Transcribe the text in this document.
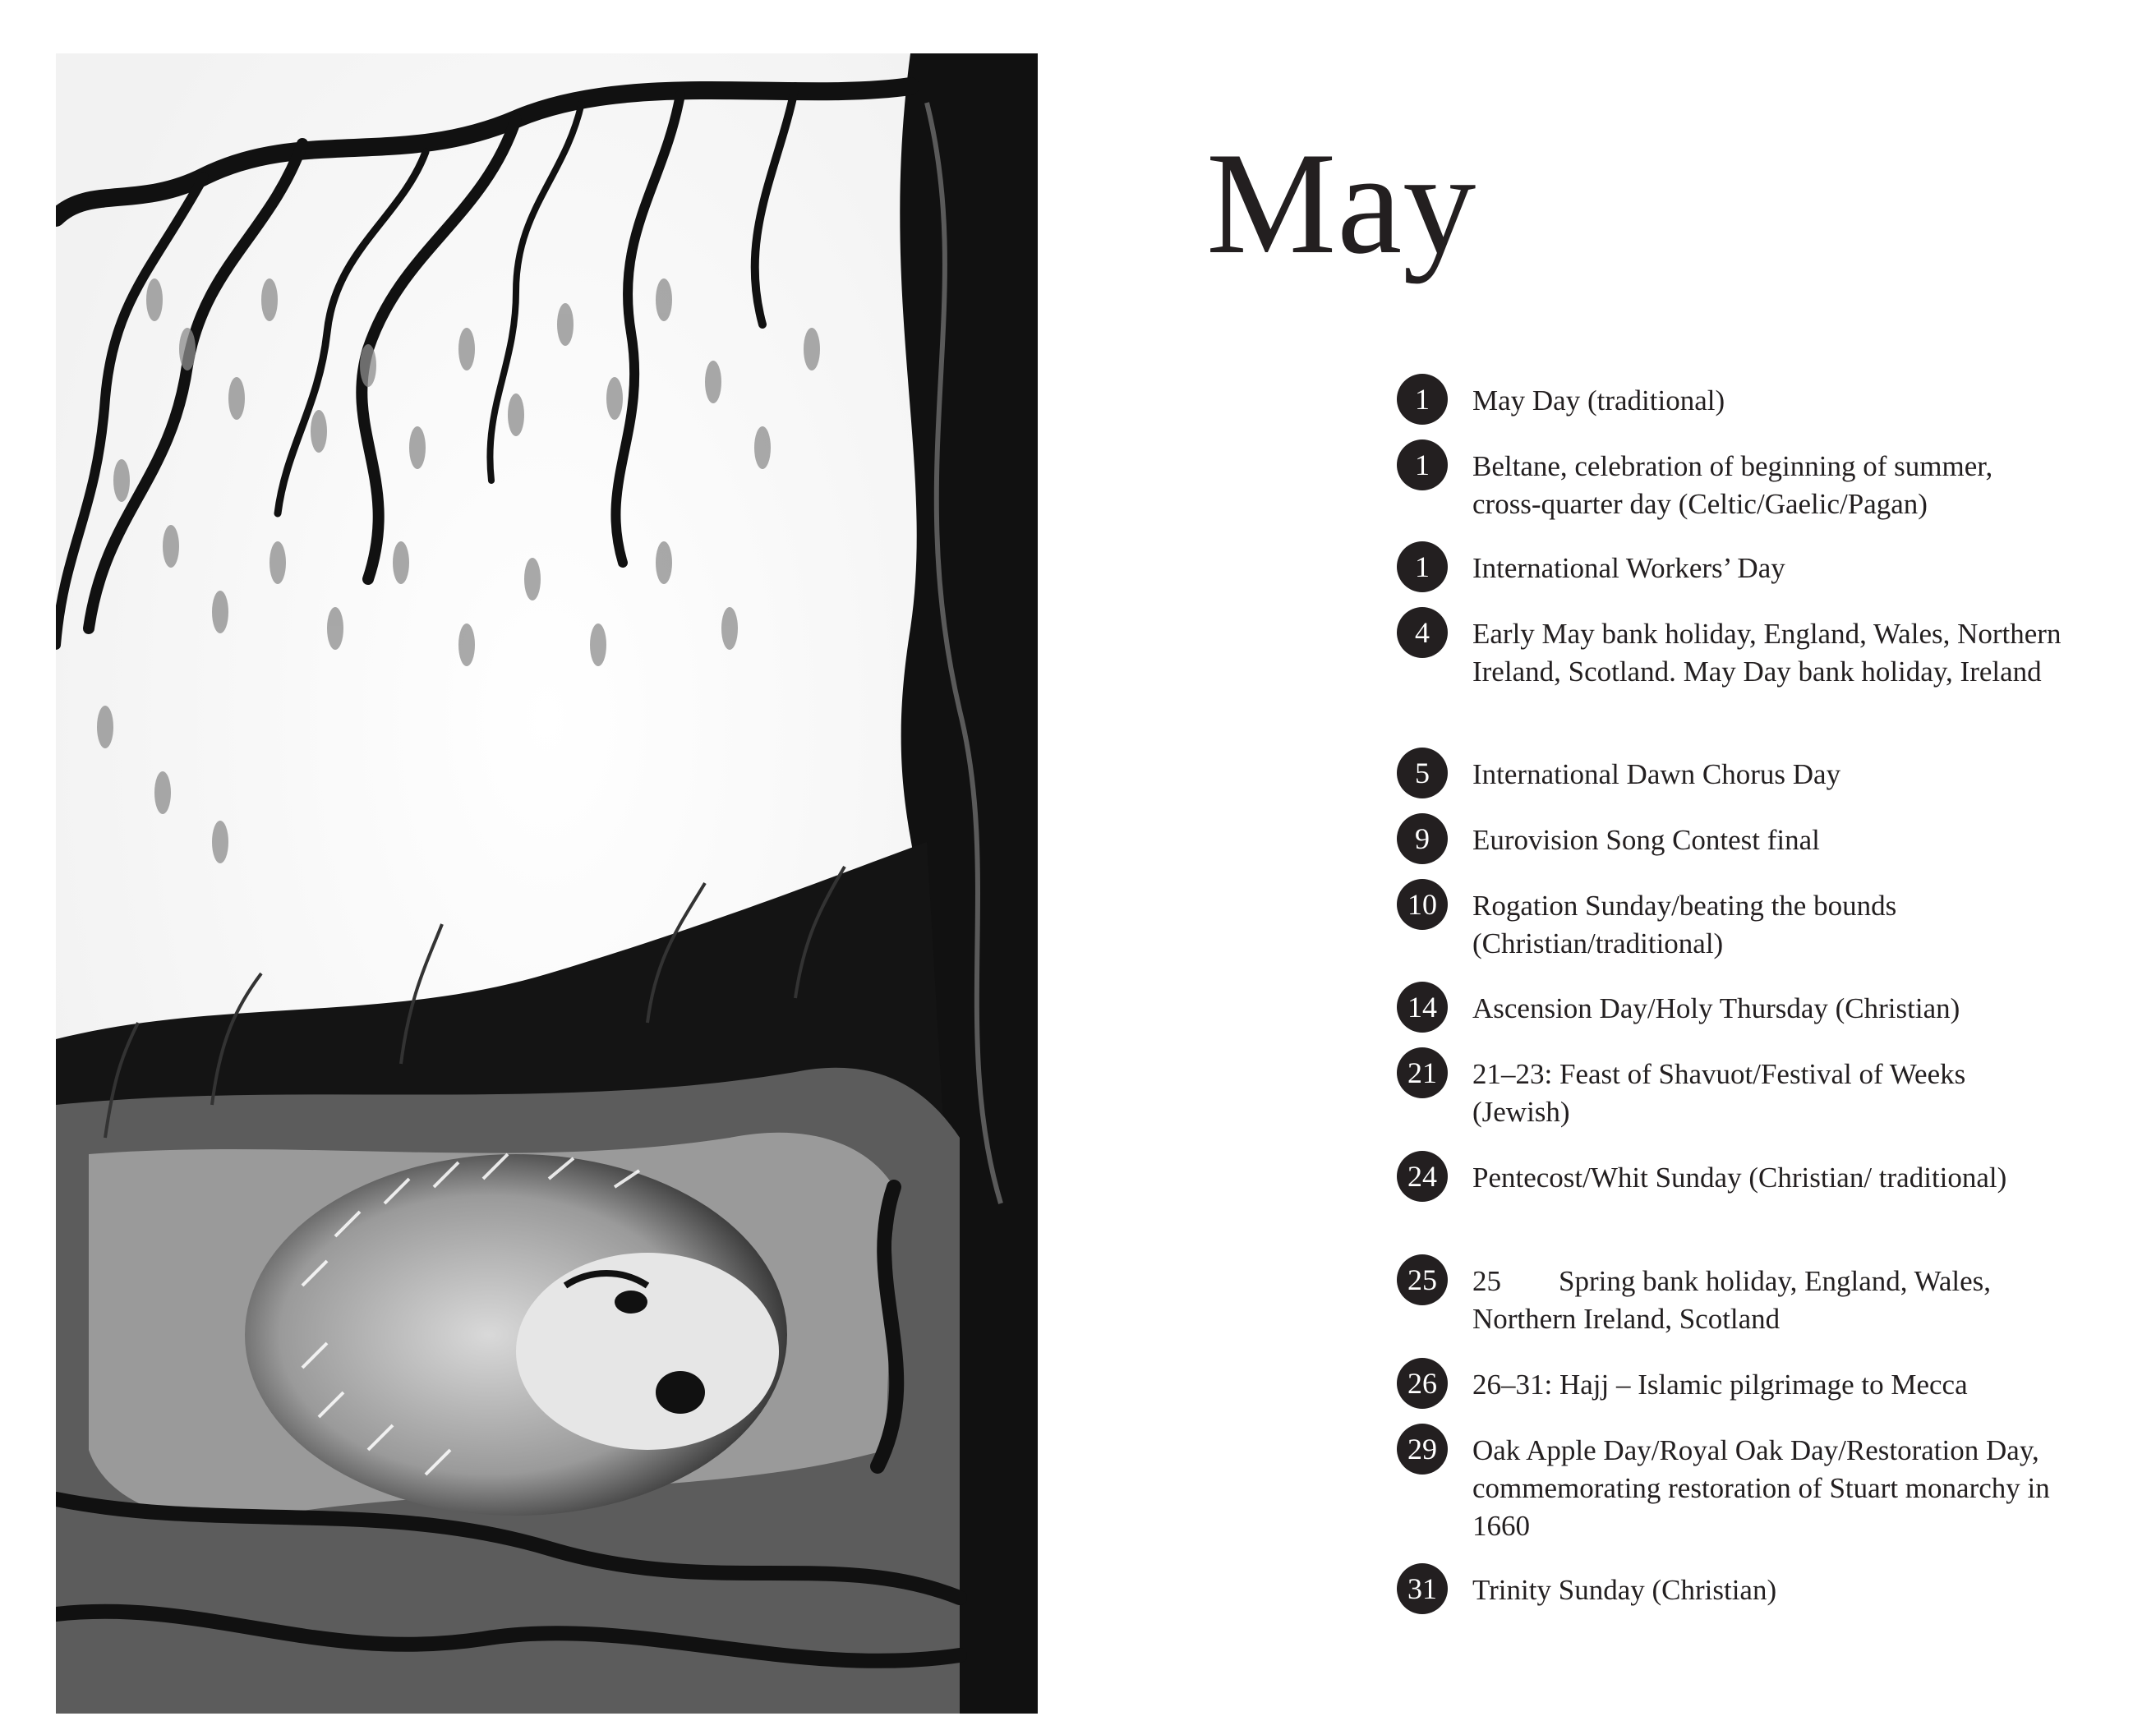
May
1	May Day (traditional)
1	Beltane, celebration of beginning of summer, cross-quarter day (Celtic/Gaelic/Pagan)
1	International Workers’ Day
4	Early May bank holiday, England, Wales, Northern Ireland, Scotland. May Day bank holiday, Ireland
5	International Dawn Chorus Day
9	Eurovision Song Contest final
10	Rogation Sunday/beating the bounds (Christian/traditional)
14	Ascension Day/Holy Thursday (Christian)
21	21–23: Feast of Shavuot/Festival of Weeks (Jewish)
24	Pentecost/Whit Sunday (Christian/ traditional)
25	25  Spring bank holiday, England, Wales, Northern Ireland, Scotland
26	26–31: Hajj – Islamic pilgrimage to Mecca
29	Oak Apple Day/Royal Oak Day/Restoration Day, commemorating restoration of Stuart monarchy in 1660
31	Trinity Sunday (Christian)
